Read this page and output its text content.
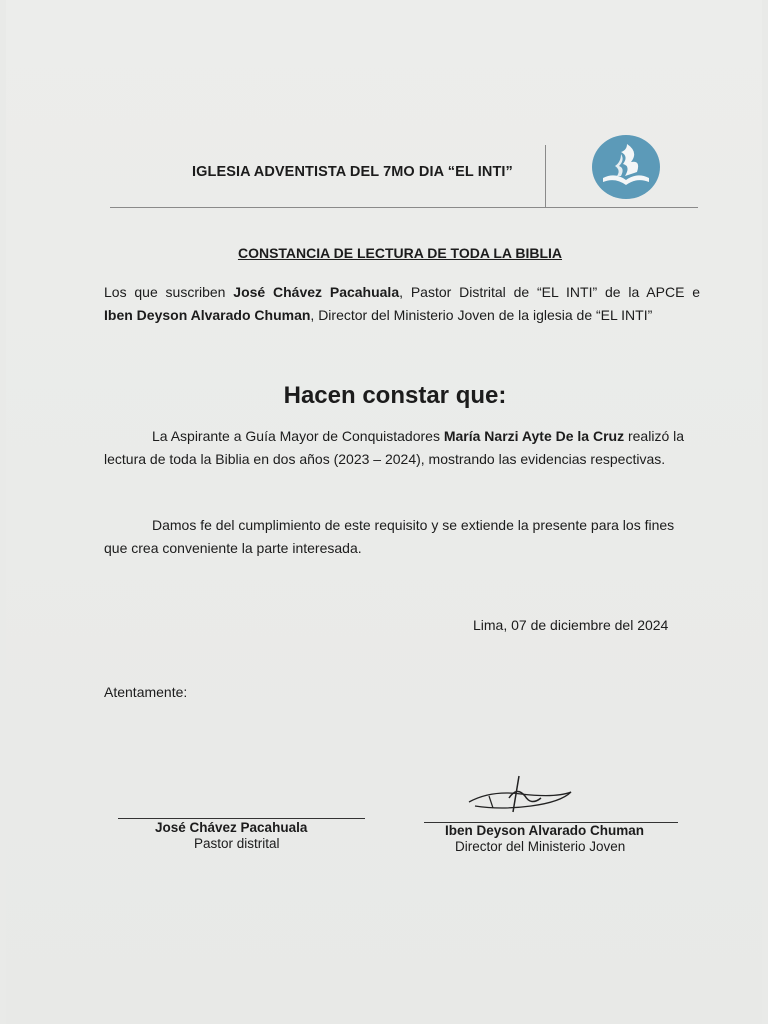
IGLESIA ADVENTISTA DEL 7MO DIA “EL INTI”
CONSTANCIA DE LECTURA DE TODA LA BIBLIA
Los que suscriben José Chávez Pacahuala, Pastor Distrital de “EL INTI” de la APCE e
Iben Deyson Alvarado Chuman, Director del Ministerio Joven de la iglesia de “EL INTI”
Hacen constar que:
La Aspirante a Guía Mayor de Conquistadores María Narzi Ayte De la Cruz realizó la lectura de toda la Biblia en dos años (2023 – 2024), mostrando las evidencias respectivas.
Damos fe del cumplimiento de este requisito y se extiende la presente para los fines que crea conveniente la parte interesada.
Lima, 07 de diciembre del 2024
Atentamente:
José Chávez Pacahuala
Pastor distrital
Iben Deyson Alvarado Chuman
Director del Ministerio Joven
